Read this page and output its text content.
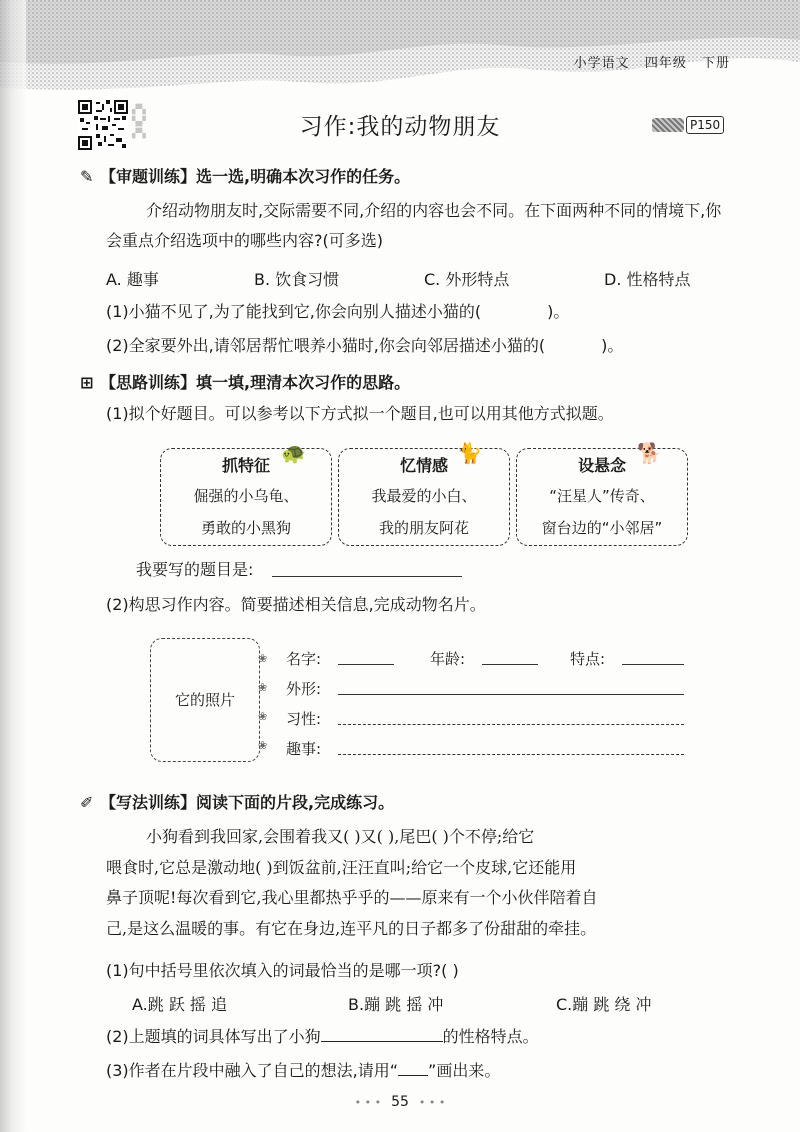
小学语文 四年级 下册
▞▚
▚▞
▞▚	习作:我的动物朋友	P150
✎ 【审题训练】选一选,明确本次习作的任务。
介绍动物朋友时,交际需要不同,介绍的内容也会不同。在下面两种不同的情境下,你会重点介绍选项中的哪些内容?(可多选)
A. 趣事	B. 饮食习惯	C. 外形特点	D. 性格特点
(1)小猫不见了,为了能找到它,你会向别人描述小猫的(	)。
(2)全家要外出,请邻居帮忙喂养小猫时,你会向邻居描述小猫的(	)。
⊞ 【思路训练】填一填,理清本次习作的思路。
(1)拟个好题目。可以参考以下方式拟一个题目,也可以用其他方式拟题。
抓特征
🐢
倔强的小乌龟、
勇敢的小黑狗
忆情感
🐈
我最爱的小白、
我的朋友阿花
设悬念
🐕
“汪星人”传奇、
窗台边的“小邻居”
我要写的题目是:
(2)构思习作内容。简要描述相关信息,完成动物名片。
它的照片
❀
❀
❀
❀
名字:	年龄:	特点:
外形:
习性:
趣事:
✐ 【写法训练】阅读下面的片段,完成练习。
小狗看到我回家,会围着我又( )又( ),尾巴( )个不停;给它
喂食时,它总是激动地( )到饭盆前,汪汪直叫;给它一个皮球,它还能用
鼻子顶呢!每次看到它,我心里都热乎乎的——原来有一个小伙伴陪着自
己,是这么温暖的事。有它在身边,连平凡的日子都多了份甜甜的牵挂。
(1)句中括号里依次填入的词最恰当的是哪一项?( )
A.跳 跃 摇 追	B.蹦 跳 摇 冲	C.蹦 跳 绕 冲
(2)上题填的词具体写出了小狗	的性格特点。
(3)作者在片段中融入了自己的想法,请用“ ”画出来。
• • • 55 • • •
